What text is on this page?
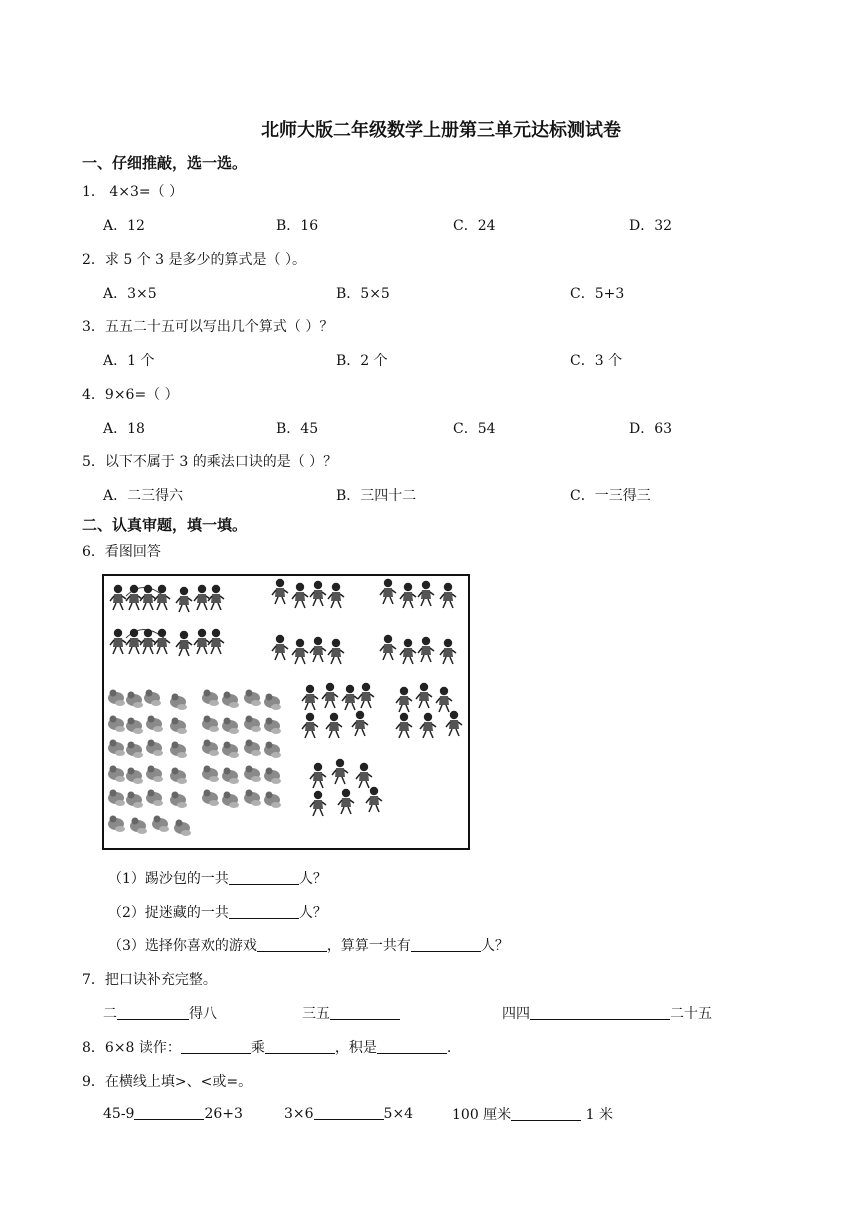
北师大版二年级数学上册第三单元达标测试卷
一、仔细推敲，选一选。
1． 4×3=（ ）
A．12	B．16	C．24	D．32
2．求 5 个 3 是多少的算式是（ ）。
A．3×5	B．5×5	C．5+3
3．五五二十五可以写出几个算式（ ）？
A．1 个	B．2 个	C．3 个
4．9×6=（ ）
A．18	B．45	C．54	D．63
5．以下不属于 3 的乘法口诀的是（ ）？
A．二三得六	B．三四十二	C．一三得三
二、认真审题，填一填。
6．看图回答
（1）踢沙包的一共	人？
（2）捉迷藏的一共	人？
（3）选择你喜欢的游戏	，算算一共有	人？
7．把口诀补充完整。
二	得八	三五	四四	二十五
8．6×8 读作：	乘	，积是	.
9．在横线上填>、<或=。
45-9	26+3	3×6	5×4	100 厘米	1 米
